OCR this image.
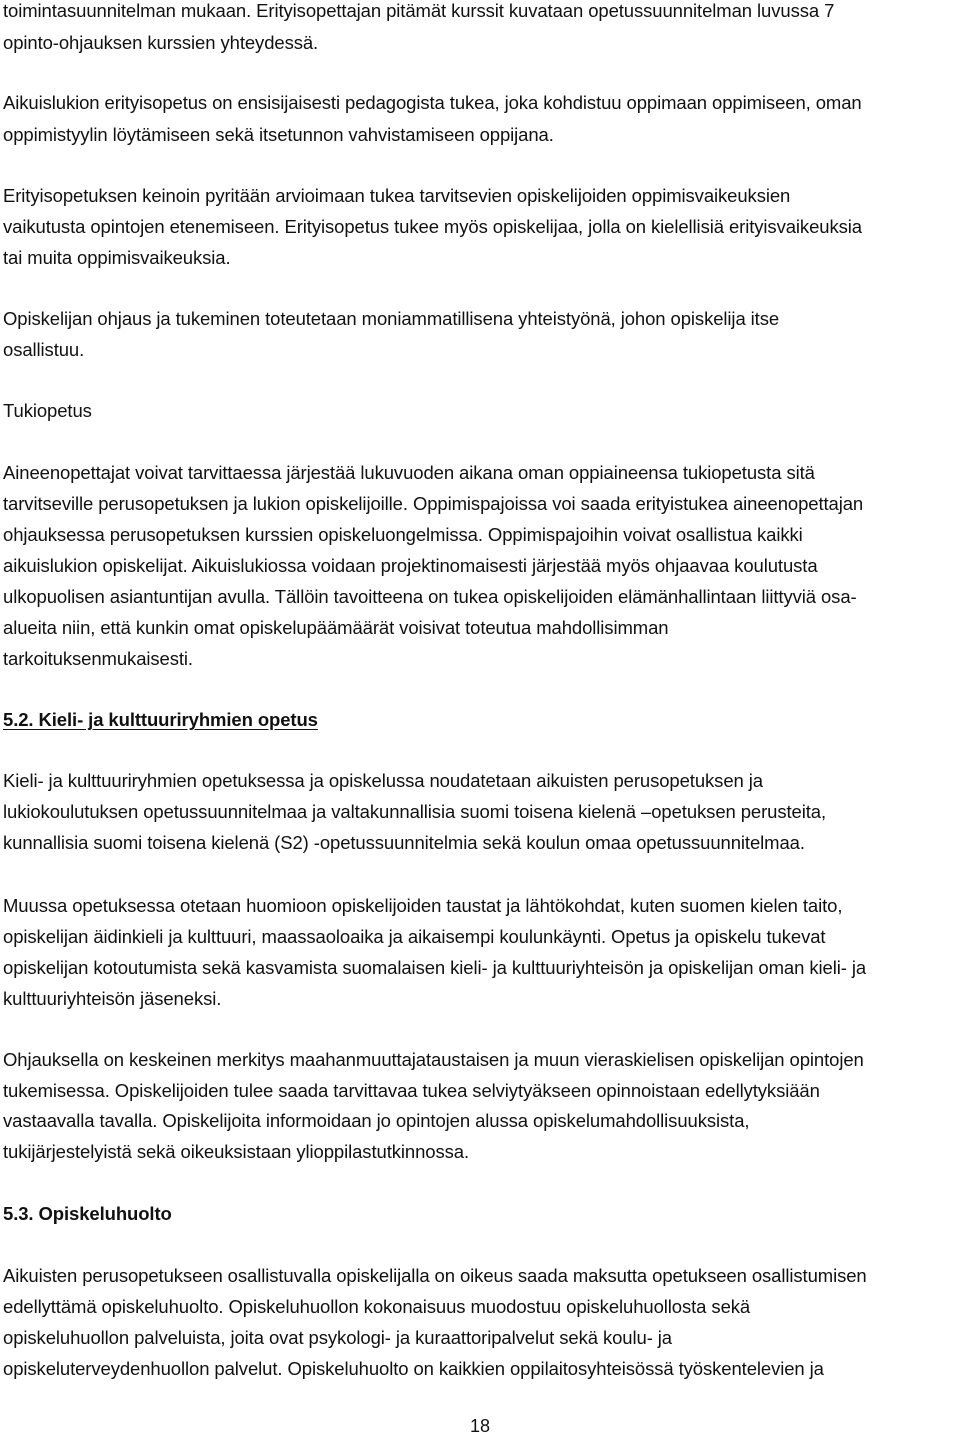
toimintasuunnitelman mukaan. Erityisopettajan pitämät kurssit kuvataan opetussuunnitelman luvussa 7
opinto-ohjauksen kurssien yhteydessä.
Aikuislukion erityisopetus on ensisijaisesti pedagogista tukea, joka kohdistuu oppimaan oppimiseen, oman
oppimistyylin löytämiseen sekä itsetunnon vahvistamiseen oppijana.
Erityisopetuksen keinoin pyritään arvioimaan tukea tarvitsevien opiskelijoiden oppimisvaikeuksien
vaikutusta opintojen etenemiseen. Erityisopetus tukee myös opiskelijaa, jolla on kielellisiä erityisvaikeuksia
tai muita oppimisvaikeuksia.
Opiskelijan ohjaus ja tukeminen toteutetaan moniammatillisena yhteistyönä, johon opiskelija itse
osallistuu.
Tukiopetus
Aineenopettajat voivat tarvittaessa järjestää lukuvuoden aikana oman oppiaineensa tukiopetusta sitä
tarvitseville perusopetuksen ja lukion opiskelijoille. Oppimispajoissa voi saada erityistukea aineenopettajan
ohjauksessa perusopetuksen kurssien opiskeluongelmissa. Oppimispajoihin voivat osallistua kaikki
aikuislukion opiskelijat. Aikuislukiossa voidaan projektinomaisesti järjestää myös ohjaavaa koulutusta
ulkopuolisen asiantuntijan avulla. Tällöin tavoitteena on tukea opiskelijoiden elämänhallintaan liittyviä osa-
alueita niin, että kunkin omat opiskelupäämäärät voisivat toteutua mahdollisimman
tarkoituksenmukaisesti.
5.2. Kieli- ja kulttuuriryhmien opetus
Kieli- ja kulttuuriryhmien opetuksessa ja opiskelussa noudatetaan aikuisten perusopetuksen ja
lukiokoulutuksen opetussuunnitelmaa ja valtakunnallisia suomi toisena kielenä –opetuksen perusteita,
kunnallisia suomi toisena kielenä (S2) -opetussuunnitelmia sekä koulun omaa opetussuunnitelmaa.
Muussa opetuksessa otetaan huomioon opiskelijoiden taustat ja lähtökohdat, kuten suomen kielen taito,
opiskelijan äidinkieli ja kulttuuri, maassaoloaika ja aikaisempi koulunkäynti. Opetus ja opiskelu tukevat
opiskelijan kotoutumista sekä kasvamista suomalaisen kieli- ja kulttuuriyhteisön ja opiskelijan oman kieli- ja
kulttuuriyhteisön jäseneksi.
Ohjauksella on keskeinen merkitys maahanmuuttajataustaisen ja muun vieraskielisen opiskelijan opintojen
tukemisessa. Opiskelijoiden tulee saada tarvittavaa tukea selviytyäkseen opinnoistaan edellytyksiään
vastaavalla tavalla. Opiskelijoita informoidaan jo opintojen alussa opiskelumahdollisuuksista,
tukijärjestelyistä sekä oikeuksistaan ylioppilastutkinnossa.
5.3. Opiskeluhuolto
Aikuisten perusopetukseen osallistuvalla opiskelijalla on oikeus saada maksutta opetukseen osallistumisen
edellyttämä opiskeluhuolto. Opiskeluhuollon kokonaisuus muodostuu opiskeluhuollosta sekä
opiskeluhuollon palveluista, joita ovat psykologi- ja kuraattoripalvelut sekä koulu- ja
opiskeluterveydenhuollon palvelut. Opiskeluhuolto on kaikkien oppilaitosyhteisössä työskentelevien ja
18
